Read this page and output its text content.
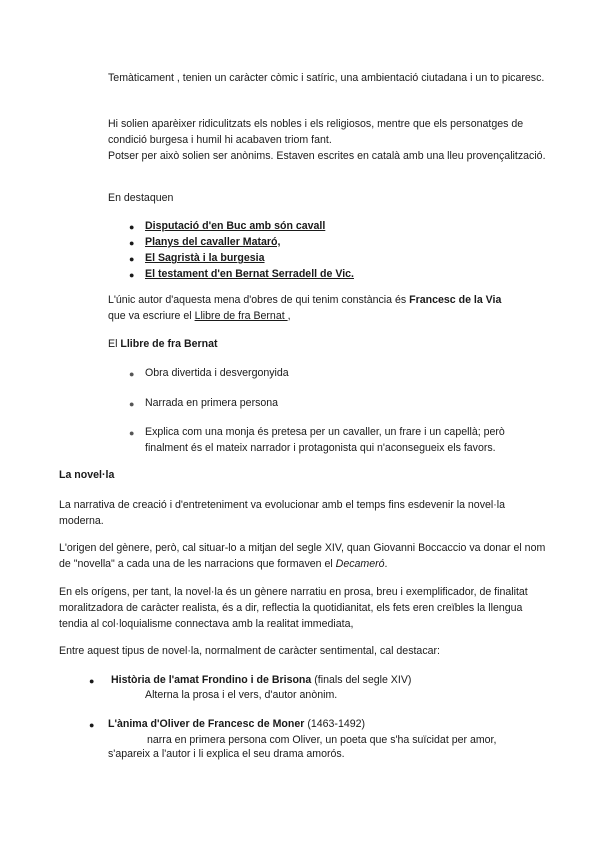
Temàticament , tenien un caràcter còmic i satíric, una ambientació ciutadana i un to picaresc.

Hi solien aparèixer ridiculitzats els nobles i els religiosos, mentre que els personatges de condició burgesa i humil hi acabaven triom fant.

Potser per això solien ser anònims. Estaven escrites en català amb una lleu provençalització.

En destaquen

● Disputació d'en Buc amb són cavall

● Planys del cavaller Mataró,

● El Sagristà i la burgesia

● El testament d'en Bernat Serradell de Vic.

L'únic autor d'aquesta mena d'obres de qui tenim constància és Francesc de la Via
que va escriure el Llibre de fra Bernat ,

El Llibre de fra Bernat

● Obra divertida i desvergonyida

● Narrada en primera persona

● Explica com una monja és pretesa per un cavaller, un frare i un capellà; però finalment és el mateix narrador i protagonista qui n'aconsegueix els favors.

La novel·la

La narrativa de creació i d'entreteniment va evolucionar amb el temps fins esdevenir la novel·la moderna.

L'origen del gènere, però, cal situar-lo a mitjan del segle XIV, quan Giovanni Boccaccio va donar el nom de "novella" a cada una de les narracions que formaven el Decameró.

En els orígens, per tant, la novel·la és un gènere narratiu en prosa, breu i exemplificador, de finalitat moralitzadora de caràcter realista, és a dir, reflectia la quotidianitat, els fets eren creïbles la llengua tendia al col·loquialisme connectava amb la realitat immediata,

Entre aquest tipus de novel·la, normalment de caràcter sentimental, cal destacar:

● Història de l'amat Frondino i de Brisona (finals del segle XIV)

Alterna la prosa i el vers, d'autor anònim.

● L'ànima d'Oliver de Francesc de Moner (1463-1492)

narra en primera persona com Oliver, un poeta que s'ha suïcidat per amor,

s'apareix a l'autor i li explica el seu drama amorós.
